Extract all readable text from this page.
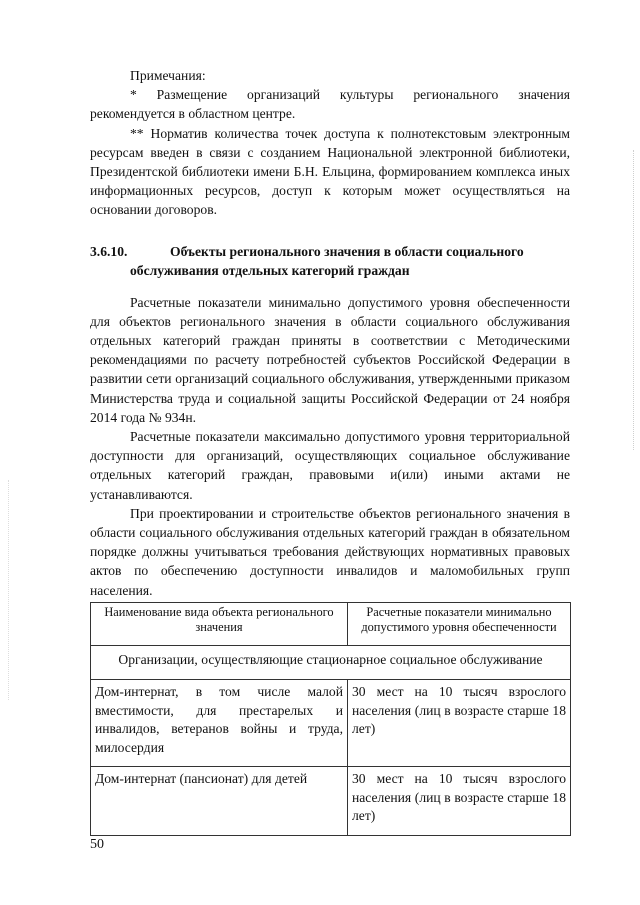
Примечания:

* Размещение организаций культуры регионального значения рекомендуется в областном центре.

** Норматив количества точек доступа к полнотекстовым электронным ресурсам введен в связи с созданием Национальной электронной библиотеки, Президентской библиотеки имени Б.Н. Ельцина, формированием комплекса иных информационных ресурсов, доступ к которым может осуществляться на основании договоров.

3.6.10.	Объекты регионального значения в области социального
обслуживания отдельных категорий граждан

Расчетные показатели минимально допустимого уровня обеспеченности для объектов регионального значения в области социального обслуживания отдельных категорий граждан приняты в соответствии с Методическими рекомендациями по расчету потребностей субъектов Российской Федерации в развитии сети организаций социального обслуживания, утвержденными приказом Министерства труда и социальной защиты Российской Федерации от 24 ноября 2014 года № 934н.

Расчетные показатели максимально допустимого уровня территориальной доступности для организаций, осуществляющих социальное обслуживание отдельных категорий граждан, правовыми и(или) иными актами не устанавливаются.

При проектировании и строительстве объектов регионального значения в области социального обслуживания отдельных категорий граждан в обязательном порядке должны учитываться требования действующих нормативных правовых актов по обеспечению доступности инвалидов и маломобильных групп населения.

Наименование вида объекта регионального значения	Расчетные показатели минимально допустимого уровня обеспеченности
Организации, осуществляющие стационарное социальное обслуживание	
Дом-интернат, в том числе малой вместимости, для престарелых и инвалидов, ветеранов войны и труда, милосердия	30 мест на 10 тысяч взрослого населения (лиц в возрасте старше 18 лет)
Дом-интернат (пансионат) для детей	30 мест на 10 тысяч взрослого населения (лиц в возрасте старше 18 лет)
50
